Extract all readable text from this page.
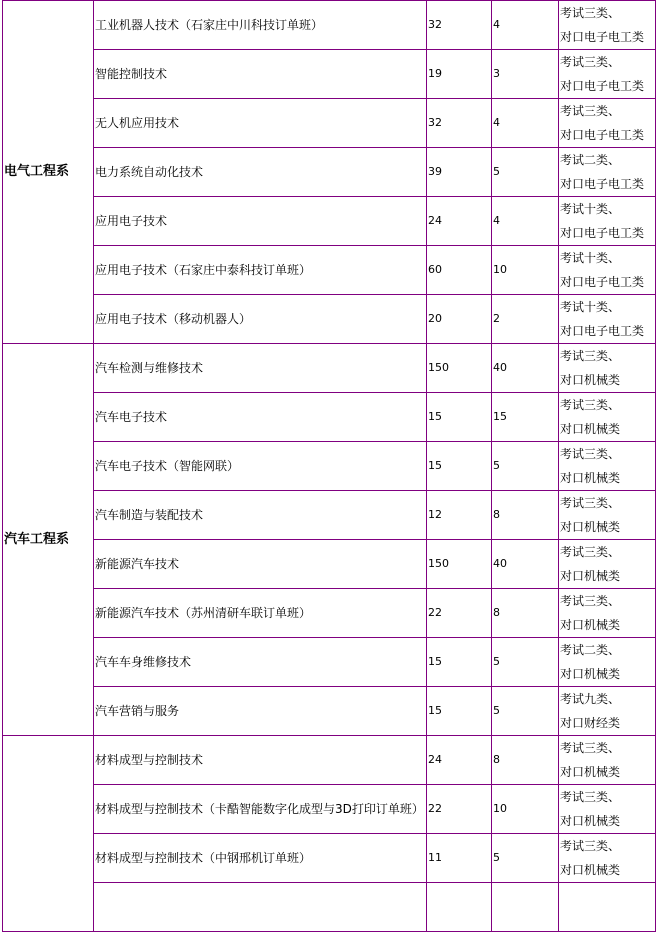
电气工程系	工业机器人技术（石家庄中川科技订单班）	32	4	考试三类、
对口电子电工类

	智能控制技术	19	3	考试三类、
对口电子电工类

	无人机应用技术	32	4	考试三类、
对口电子电工类

	电力系统自动化技术	39	5	考试二类、
对口电子电工类

	应用电子技术	24	4	考试十类、
对口电子电工类

	应用电子技术（石家庄中泰科技订单班）	60	10	考试十类、
对口电子电工类

	应用电子技术（移动机器人）	20	2	考试十类、
对口电子电工类

汽车工程系	汽车检测与维修技术	150	40	考试三类、
对口机械类

	汽车电子技术	15	15	考试三类、
对口机械类

	汽车电子技术（智能网联）	15	5	考试三类、
对口机械类

	汽车制造与装配技术	12	8	考试三类、
对口机械类

	新能源汽车技术	150	40	考试三类、
对口机械类

	新能源汽车技术（苏州清研车联订单班）	22	8	考试三类、
对口机械类

	汽车车身维修技术	15	5	考试二类、
对口机械类

	汽车营销与服务	15	5	考试九类、
对口财经类

	材料成型与控制技术	24	8	考试三类、
对口机械类

	材料成型与控制技术（卡酷智能数字化成型与3D打印订单班）	22	10	考试三类、
对口机械类

	材料成型与控制技术（中钢邢机订单班）	11	5	考试三类、
对口机械类
